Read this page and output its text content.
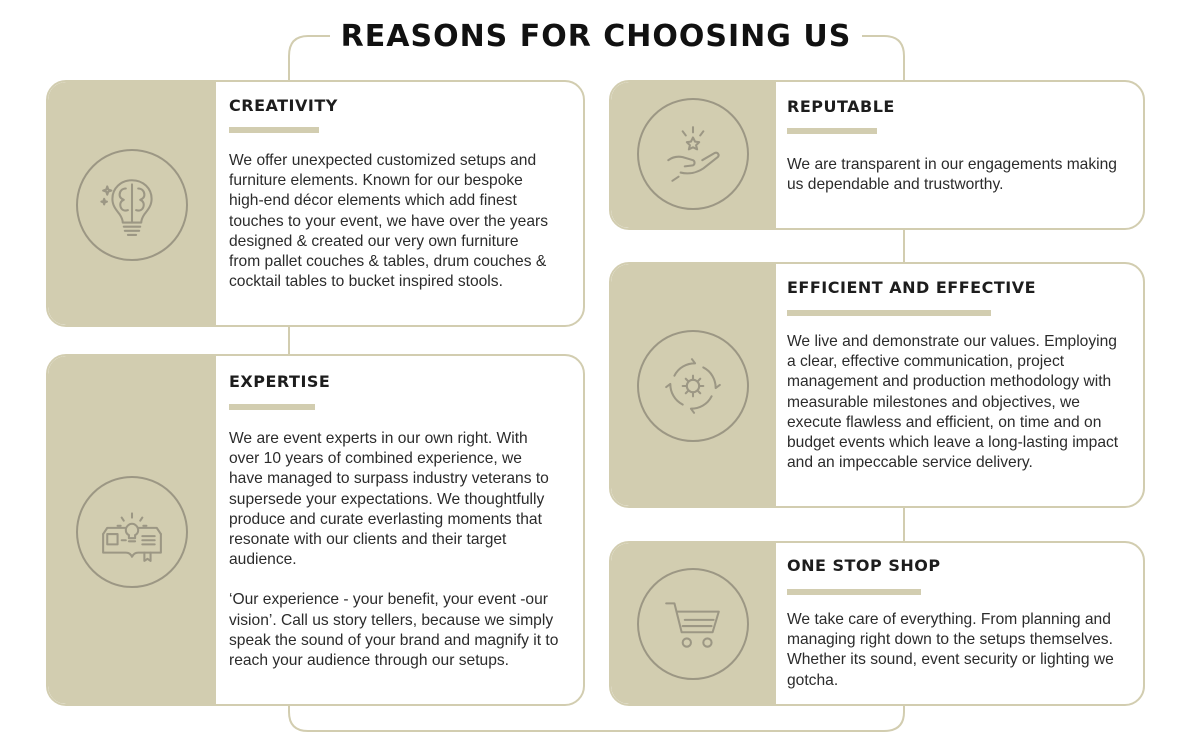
REASONS FOR CHOOSING US
CREATIVITY

We offer unexpected customized setups and furniture elements. Known for our bespoke high-end décor elements which add finest touches to your event, we have over the years designed & created our very own furniture from pallet couches & tables, drum couches & cocktail tables to bucket inspired stools.

EXPERTISE

We are event experts in our own right. With over 10 years of combined experience, we have managed to surpass industry veterans to supersede your expectations. We thoughtfully produce and curate everlasting moments that resonate with our clients and their target audience.

‘Our experience - your benefit, your event -our vision’. Call us story tellers, because we simply speak the sound of your brand and magnify it to reach your audience through our setups.

REPUTABLE

We are transparent in our engagements making us dependable and trustworthy.

EFFICIENT AND EFFECTIVE

We live and demonstrate our values. Employing a clear, effective communication, project management and production methodology with measurable milestones and objectives, we execute flawless and efficient, on time and on budget events which leave a long-lasting impact and an impeccable service delivery.

ONE STOP SHOP

We take care of everything. From planning and managing right down to the setups themselves. Whether its sound, event security or lighting we gotcha.
